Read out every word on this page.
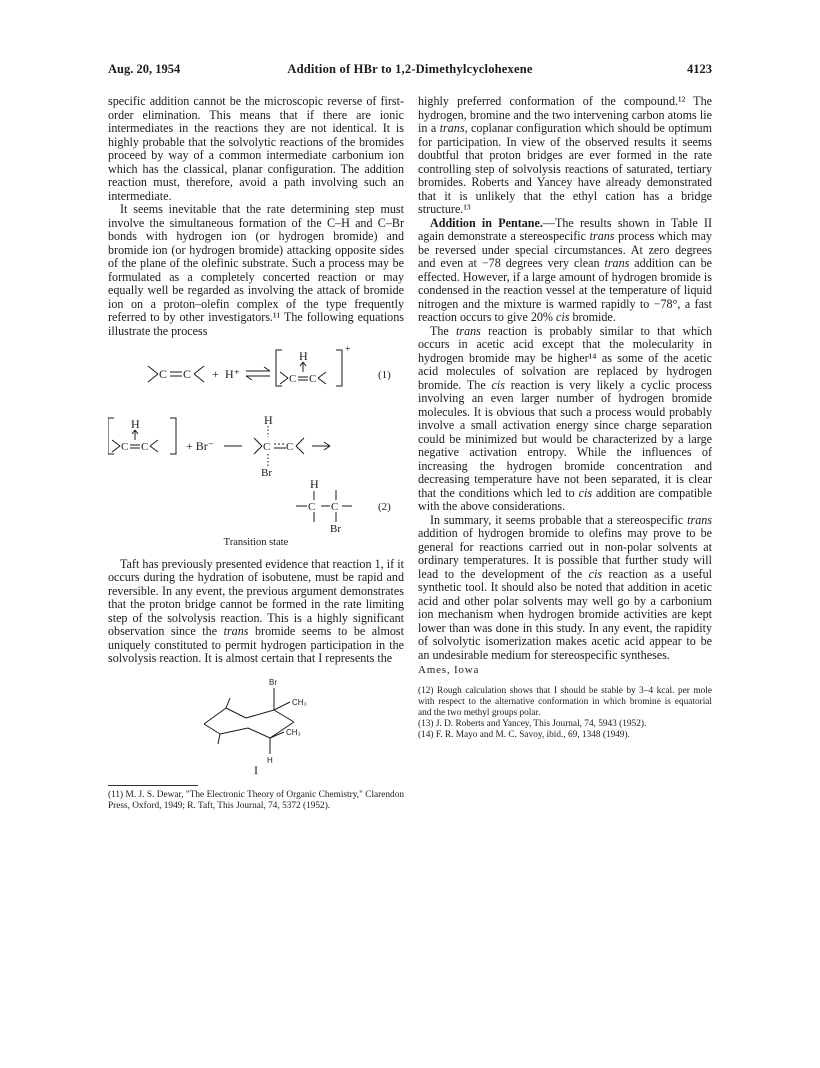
Aug. 20, 1954	Addition of HBr to 1,2-Dimethylcyclohexene	4123

specific addition cannot be the microscopic reverse of first-order elimination. This means that if there are ionic intermediates in the reactions they are not identical. It is highly probable that the solvolytic reactions of the bromides proceed by way of a common intermediate carbonium ion which has the classical, planar configuration. The addition reaction must, therefore, avoid a path involving such an intermediate.

It seems inevitable that the rate determining step must involve the simultaneous formation of the C–H and C–Br bonds with hydrogen ion (or hydrogen bromide) and bromide ion (or hydrogen bromide) attacking opposite sides of the plane of the olefinic substrate. Such a process may be formulated as a completely concerted reaction or may equally well be regarded as involving the attack of bromide ion on a proton–olefin complex of the type frequently referred to by other investigators.¹¹ The following equations illustrate the process

C C + H⁺
H
C C
+
(1)
H
C C	+ Br⁻
H
C C
Br
H
C C
Br
(2)
Transition state

Taft has previously presented evidence that reaction 1, if it occurs during the hydration of isobutene, must be rapid and reversible. In any event, the previous argument demonstrates that the proton bridge cannot be formed in the rate limiting step of the solvolysis reaction. This is a highly significant observation since the trans bromide seems to be almost uniquely constituted to permit hydrogen participation in the solvolysis reaction. It is almost certain that I represents the

Br
CH₃
CH₃
H
I

(11) M. J. S. Dewar, "The Electronic Theory of Organic Chemistry," Clarendon Press, Oxford, 1949; R. Taft, This Journal, 74, 5372 (1952).

highly preferred conformation of the compound.¹² The hydrogen, bromine and the two intervening carbon atoms lie in a trans, coplanar configuration which should be optimum for participation. In view of the observed results it seems doubtful that proton bridges are ever formed in the rate controlling step of solvolysis reactions of saturated, tertiary bromides. Roberts and Yancey have already demonstrated that it is unlikely that the ethyl cation has a bridge structure.¹³

Addition in Pentane.—The results shown in Table II again demonstrate a stereospecific trans process which may be reversed under special circumstances. At zero degrees and even at −78 degrees very clean trans addition can be effected. However, if a large amount of hydrogen bromide is condensed in the reaction vessel at the temperature of liquid nitrogen and the mixture is warmed rapidly to −78°, a fast reaction occurs to give 20% cis bromide.

The trans reaction is probably similar to that which occurs in acetic acid except that the molecularity in hydrogen bromide may be higher¹⁴ as some of the acetic acid molecules of solvation are replaced by hydrogen bromide. The cis reaction is very likely a cyclic process involving an even larger number of hydrogen bromide molecules. It is obvious that such a process would probably involve a small activation energy since charge separation could be minimized but would be characterized by a large negative activation entropy. While the influences of increasing the hydrogen bromide concentration and decreasing temperature have not been separated, it is clear that the conditions which led to cis addition are compatible with the above considerations.

In summary, it seems probable that a stereospecific trans addition of hydrogen bromide to olefins may prove to be general for reactions carried out in non-polar solvents at ordinary temperatures. It is possible that further study will lead to the development of the cis reaction as a useful synthetic tool. It should also be noted that addition in acetic acid and other polar solvents may well go by a carbonium ion mechanism when hydrogen bromide activities are kept lower than was done in this study. In any event, the rapidity of solvolytic isomerization makes acetic acid appear to be an undesirable medium for stereospecific syntheses.

Ames, Iowa

(12) Rough calculation shows that I should be stable by 3–4 kcal. per mole with respect to the alternative conformation in which bromine is equatorial and the two methyl groups polar.

(13) J. D. Roberts and Yancey, This Journal, 74, 5943 (1952).

(14) F. R. Mayo and M. C. Savoy, ibid., 69, 1348 (1949).
